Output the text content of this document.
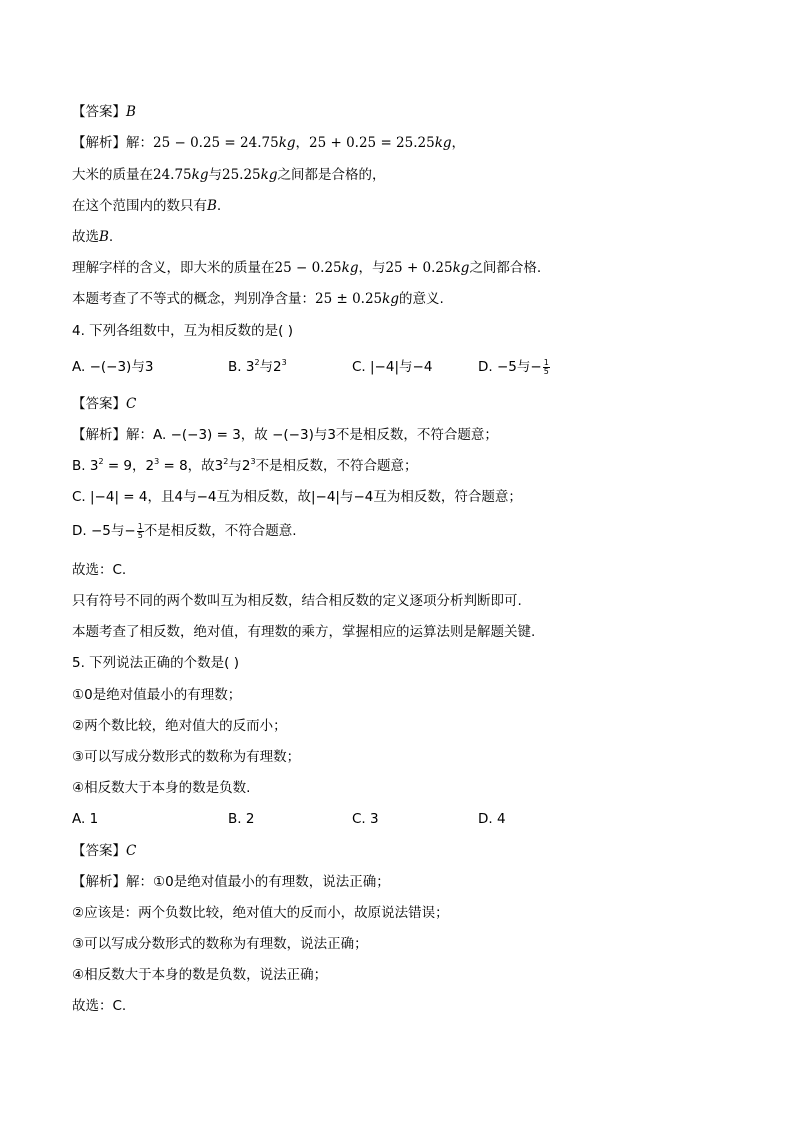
【答案】B
【解析】解：25 − 0.25 = 24.75kg，25 + 0.25 = 25.25kg，
大米的质量在24.75kg与25.25kg之间都是合格的，
在这个范围内的数只有B.
故选B.
理解字样的含义，即大米的质量在25 − 0.25kg，与25 + 0.25kg之间都合格.
本题考查了不等式的概念，判别净含量：25 ± 0.25kg的意义.
4. 下列各组数中，互为相反数的是( )
A. −(−3)与3	B. $3^2$与$2^3$	C. |−4|与−4	D. −5与− $\frac{1}{5}$
【答案】C
【解析】解：A. −(−3) = 3，故 −(−3)与3不是相反数，不符合题意；
B. $3^2 = 9$，$2^3 = 8$，故$3^2$与$2^3$不是相反数，不符合题意；
C. |−4| = 4，且4与−4互为相反数，故|−4|与−4互为相反数，符合题意；
D. −5与− $\frac{1}{5}$ 不是相反数，不符合题意.
故选：C.
只有符号不同的两个数叫互为相反数，结合相反数的定义逐项分析判断即可.
本题考查了相反数，绝对值，有理数的乘方，掌握相应的运算法则是解题关键.
5. 下列说法正确的个数是( )
①0是绝对值最小的有理数；
②两个数比较，绝对值大的反而小；
③可以写成分数形式的数称为有理数；
④相反数大于本身的数是负数.
A. 1	B. 2	C. 3	D. 4
【答案】C
【解析】解：①0是绝对值最小的有理数，说法正确；
②应该是：两个负数比较，绝对值大的反而小，故原说法错误；
③可以写成分数形式的数称为有理数，说法正确；
④相反数大于本身的数是负数，说法正确；
故选：C.
